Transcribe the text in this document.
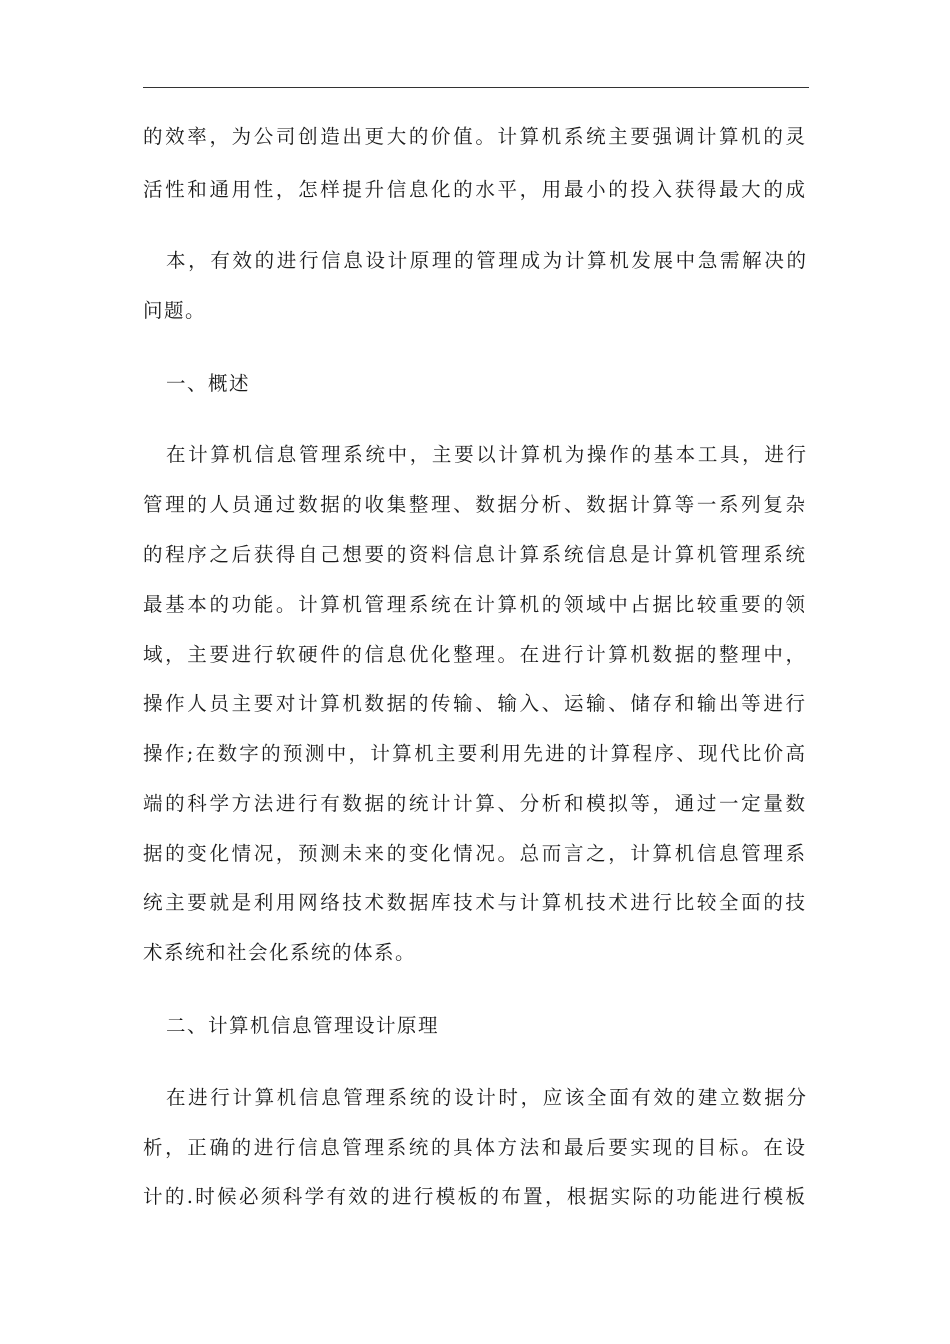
的效率，为公司创造出更大的价值。计算机系统主要强调计算机的灵
活性和通用性，怎样提升信息化的水平，用最小的投入获得最大的成
本，有效的进行信息设计原理的管理成为计算机发展中急需解决的
问题。
一、概述
在计算机信息管理系统中，主要以计算机为操作的基本工具，进行
管理的人员通过数据的收集整理、数据分析、数据计算等一系列复杂
的程序之后获得自己想要的资料信息计算系统信息是计算机管理系统
最基本的功能。计算机管理系统在计算机的领域中占据比较重要的领
域，主要进行软硬件的信息优化整理。在进行计算机数据的整理中，
操作人员主要对计算机数据的传输、输入、运输、储存和输出等进行
操作;在数字的预测中，计算机主要利用先进的计算程序、现代比价高
端的科学方法进行有数据的统计计算、分析和模拟等，通过一定量数
据的变化情况，预测未来的变化情况。总而言之，计算机信息管理系
统主要就是利用网络技术数据库技术与计算机技术进行比较全面的技
术系统和社会化系统的体系。
二、计算机信息管理设计原理
在进行计算机信息管理系统的设计时，应该全面有效的建立数据分
析，正确的进行信息管理系统的具体方法和最后要实现的目标。在设
计的.时候必须科学有效的进行模板的布置，根据实际的功能进行模板
